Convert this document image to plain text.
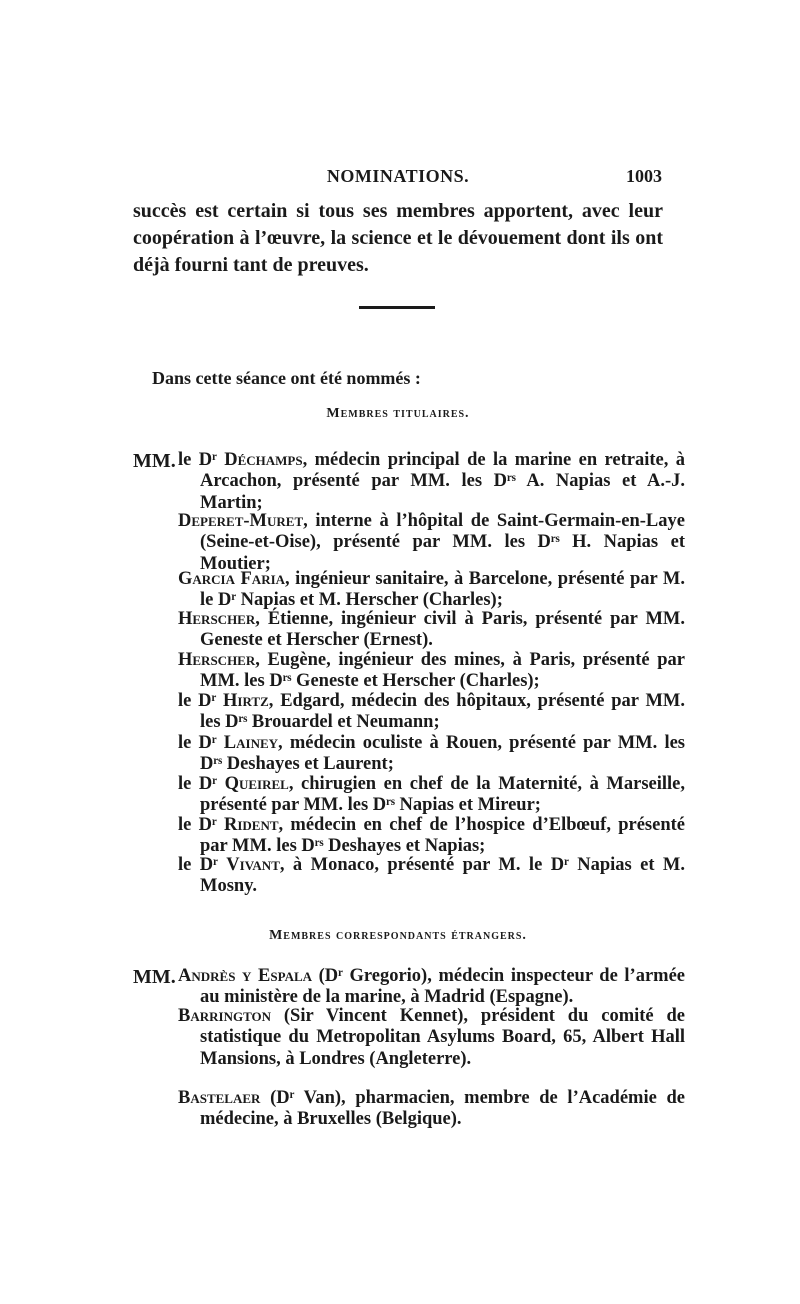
NOMINATIONS.	1003

succès est certain si tous ses membres apportent, avec leur coopération à l’œuvre, la science et le dévouement dont ils ont déjà fourni tant de preuves.

Dans cette séance ont été nommés :

Membres titulaires.

MM. le Dʳ Déchamps, médecin principal de la marine en retraite, à Arcachon, présenté par MM. les Dʳˢ A. Napias et A.-J. Martin;

Deperet-Muret, interne à l’hôpital de Saint-Germain-en-Laye (Seine-et-Oise), présenté par MM. les Dʳˢ H. Napias et Moutier;

Garcia Faria, ingénieur sanitaire, à Barcelone, présenté par M. le Dʳ Napias et M. Herscher (Charles);

Herscher, Étienne, ingénieur civil à Paris, présenté par MM. Geneste et Herscher (Ernest).

Herscher, Eugène, ingénieur des mines, à Paris, présenté par MM. les Dʳˢ Geneste et Herscher (Charles);

le Dʳ Hirtz, Edgard, médecin des hôpitaux, présenté par MM. les Dʳˢ Brouardel et Neumann;

le Dʳ Lainey, médecin oculiste à Rouen, présenté par MM. les Dʳˢ Deshayes et Laurent;

le Dʳ Queirel, chirugien en chef de la Maternité, à Marseille, présenté par MM. les Dʳˢ Napias et Mireur;

le Dʳ Rident, médecin en chef de l’hospice d’Elbœuf, présenté par MM. les Dʳˢ Deshayes et Napias;

le Dʳ Vivant, à Monaco, présenté par M. le Dʳ Napias et M. Mosny.

Membres correspondants étrangers.

MM. Andrès y Espala (Dʳ Gregorio), médecin inspecteur de l’armée au ministère de la marine, à Madrid (Espagne).

Barrington (Sir Vincent Kennet), président du comité de statistique du Metropolitan Asylums Board, 65, Albert Hall Mansions, à Londres (Angleterre).

Bastelaer (Dʳ Van), pharmacien, membre de l’Académie de médecine, à Bruxelles (Belgique).
